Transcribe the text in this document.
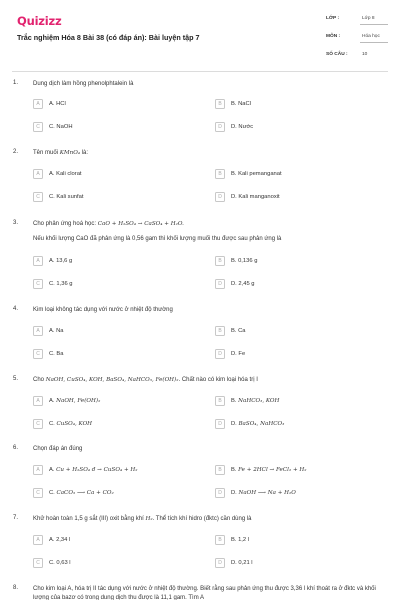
Quizizz
Trắc nghiệm Hóa 8 Bài 38 (có đáp án): Bài luyện tập 7
LỚP :	Lớp 8
MÔN :	Hóa học
SỐ CÂU :	10
1. Dung dịch làm hồng phenolphtalein là
A	A. HCl	B	B. NaCl
C	C. NaOH	D	D. Nước
2. Tên muối KMnO₄ là:
A	A. Kali clorat	B	B. Kali pemanganat
C	C. Kali sunfat	D	D. Kali manganoxit
3. Cho phản ứng hoá học: CaO + H₂SO₄ → CaSO₄ + H₂O.
Nếu khối lượng CaO đã phản ứng là 0,56 gam thì khối lượng muối thu được sau phản ứng là
A	A. 13,6 g	B	B. 0,136 g
C	C. 1,36 g	D	D. 2,45 g
4. Kim loại không tác dụng với nước ở nhiệt độ thường
A	A. Na	B	B. Ca
C	C. Ba	D	D. Fe
5. Cho NaOH, CuSO₄, KOH, BaSO₄, NaHCO₃, Fe(OH)₂. Chất nào có kim loại hóa trị I
A	A. NaOH, Fe(OH)₂	B	B. NaHCO₃, KOH
C	C. CuSO₄, KOH	D	D. BaSO₄, NaHCO₃
6. Chọn đáp án đúng
A	A. Cu + H₂SO₄ đ → CuSO₄ + H₂	B	B. Fe + 2HCl → FeCl₂ + H₂
C	C. CaCO₃ ⟶ Ca + CO₂	D	D. NaOH ⟶ Na + H₂O
7. Khử hoàn toàn 1,5 g sắt (III) oxit bằng khí H₂. Thể tích khí hidro (đktc) cần dùng là
A	A. 2,34 l	B	B. 1,2 l
C	C. 0,63 l	D	D. 0,21 l
8. Cho kim loại A, hóa trị II tác dụng với nước ở nhiệt độ thường. Biết rằng sau phản ứng thu được 3,36 l khí thoát ra ở đktc và khối lượng của bazơ có trong dung dịch thu được là 11,1 gam. Tìm A
